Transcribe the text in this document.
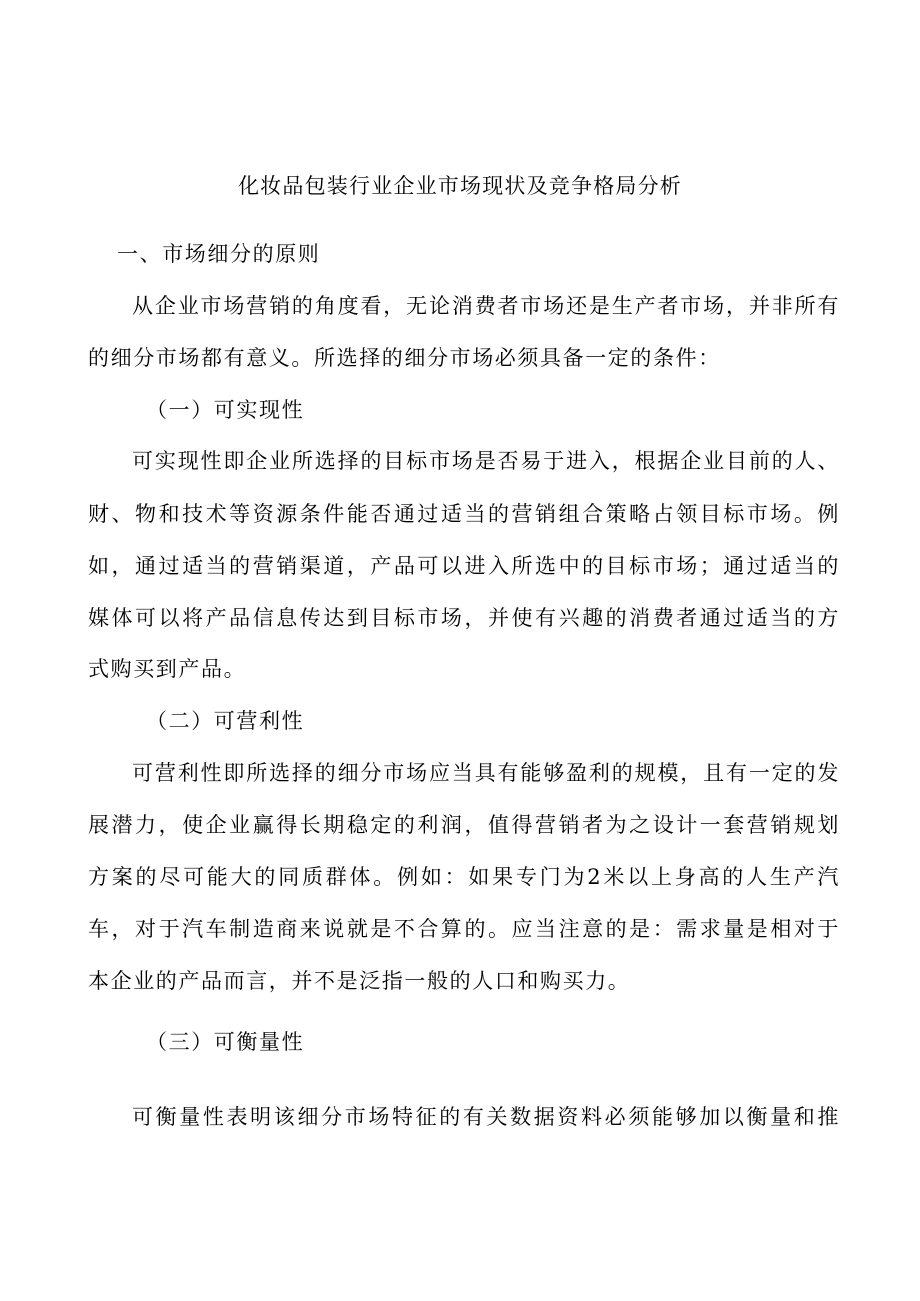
化妆品包装行业企业市场现状及竞争格局分析
一、市场细分的原则
从企业市场营销的角度看，无论消费者市场还是生产者市场，并非所有
的细分市场都有意义。所选择的细分市场必须具备一定的条件：
（一）可实现性
可实现性即企业所选择的目标市场是否易于进入，根据企业目前的人、
财、物和技术等资源条件能否通过适当的营销组合策略占领目标市场。例
如，通过适当的营销渠道，产品可以进入所选中的目标市场；通过适当的
媒体可以将产品信息传达到目标市场，并使有兴趣的消费者通过适当的方
式购买到产品。
（二）可营利性
可营利性即所选择的细分市场应当具有能够盈利的规模，且有一定的发
展潜力，使企业赢得长期稳定的利润，值得营销者为之设计一套营销规划
方案的尽可能大的同质群体。例如：如果专门为2米以上身高的人生产汽
车，对于汽车制造商来说就是不合算的。应当注意的是：需求量是相对于
本企业的产品而言，并不是泛指一般的人口和购买力。
（三）可衡量性
可衡量性表明该细分市场特征的有关数据资料必须能够加以衡量和推
